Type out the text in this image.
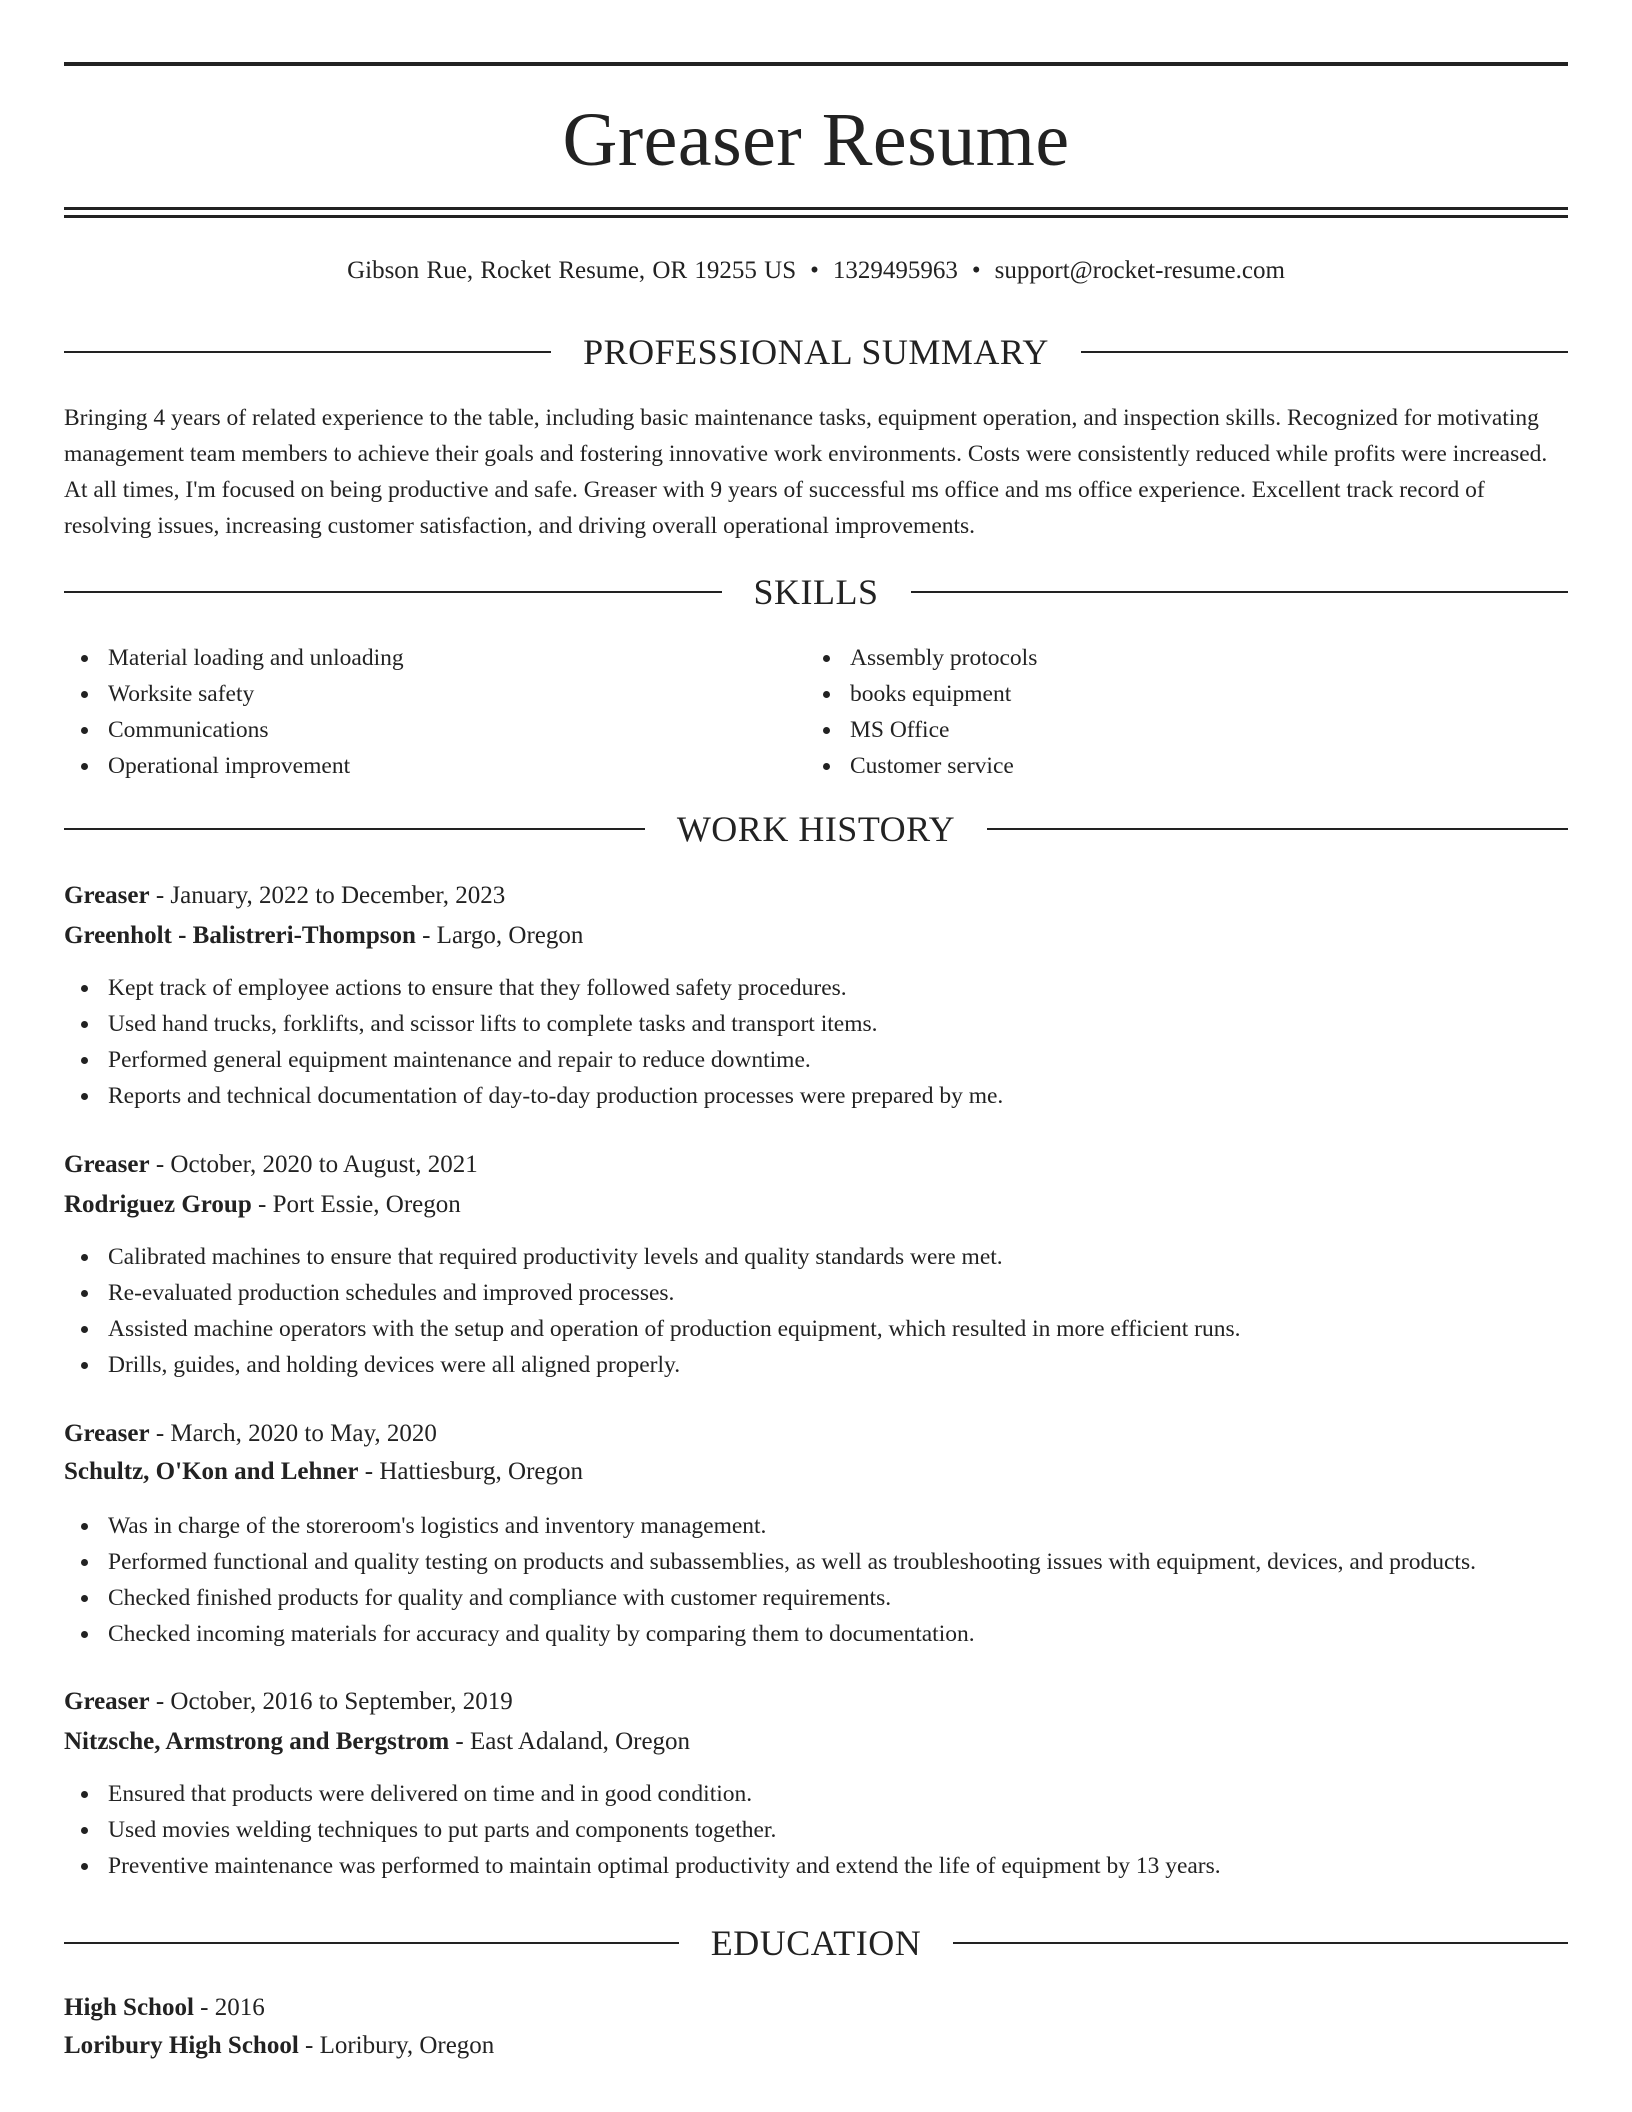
Greaser Resume
Gibson Rue, Rocket Resume, OR 19255 US • 1329495963 • support@rocket-resume.com
PROFESSIONAL SUMMARY

Bringing 4 years of related experience to the table, including basic maintenance tasks, equipment operation, and inspection skills. Recognized for motivating management team members to achieve their goals and fostering innovative work environments. Costs were consistently reduced while profits were increased. At all times, I'm focused on being productive and safe. Greaser with 9 years of successful ms office and ms office experience. Excellent track record of resolving issues, increasing customer satisfaction, and driving overall operational improvements.

SKILLS
Material loading and unloading
Worksite safety
Communications
Operational improvement
Assembly protocols
books equipment
MS Office
Customer service
WORK HISTORY
Greaser - January, 2022 to December, 2023
Greenholt - Balistreri-Thompson - Largo, Oregon
Kept track of employee actions to ensure that they followed safety procedures.
Used hand trucks, forklifts, and scissor lifts to complete tasks and transport items.
Performed general equipment maintenance and repair to reduce downtime.
Reports and technical documentation of day-to-day production processes were prepared by me.
Greaser - October, 2020 to August, 2021
Rodriguez Group - Port Essie, Oregon
Calibrated machines to ensure that required productivity levels and quality standards were met.
Re-evaluated production schedules and improved processes.
Assisted machine operators with the setup and operation of production equipment, which resulted in more efficient runs.
Drills, guides, and holding devices were all aligned properly.
Greaser - March, 2020 to May, 2020
Schultz, O'Kon and Lehner - Hattiesburg, Oregon
Was in charge of the storeroom's logistics and inventory management.
Performed functional and quality testing on products and subassemblies, as well as troubleshooting issues with equipment, devices, and products.
Checked finished products for quality and compliance with customer requirements.
Checked incoming materials for accuracy and quality by comparing them to documentation.
Greaser - October, 2016 to September, 2019
Nitzsche, Armstrong and Bergstrom - East Adaland, Oregon
Ensured that products were delivered on time and in good condition.
Used movies welding techniques to put parts and components together.
Preventive maintenance was performed to maintain optimal productivity and extend the life of equipment by 13 years.
EDUCATION
High School - 2016
Loribury High School - Loribury, Oregon
